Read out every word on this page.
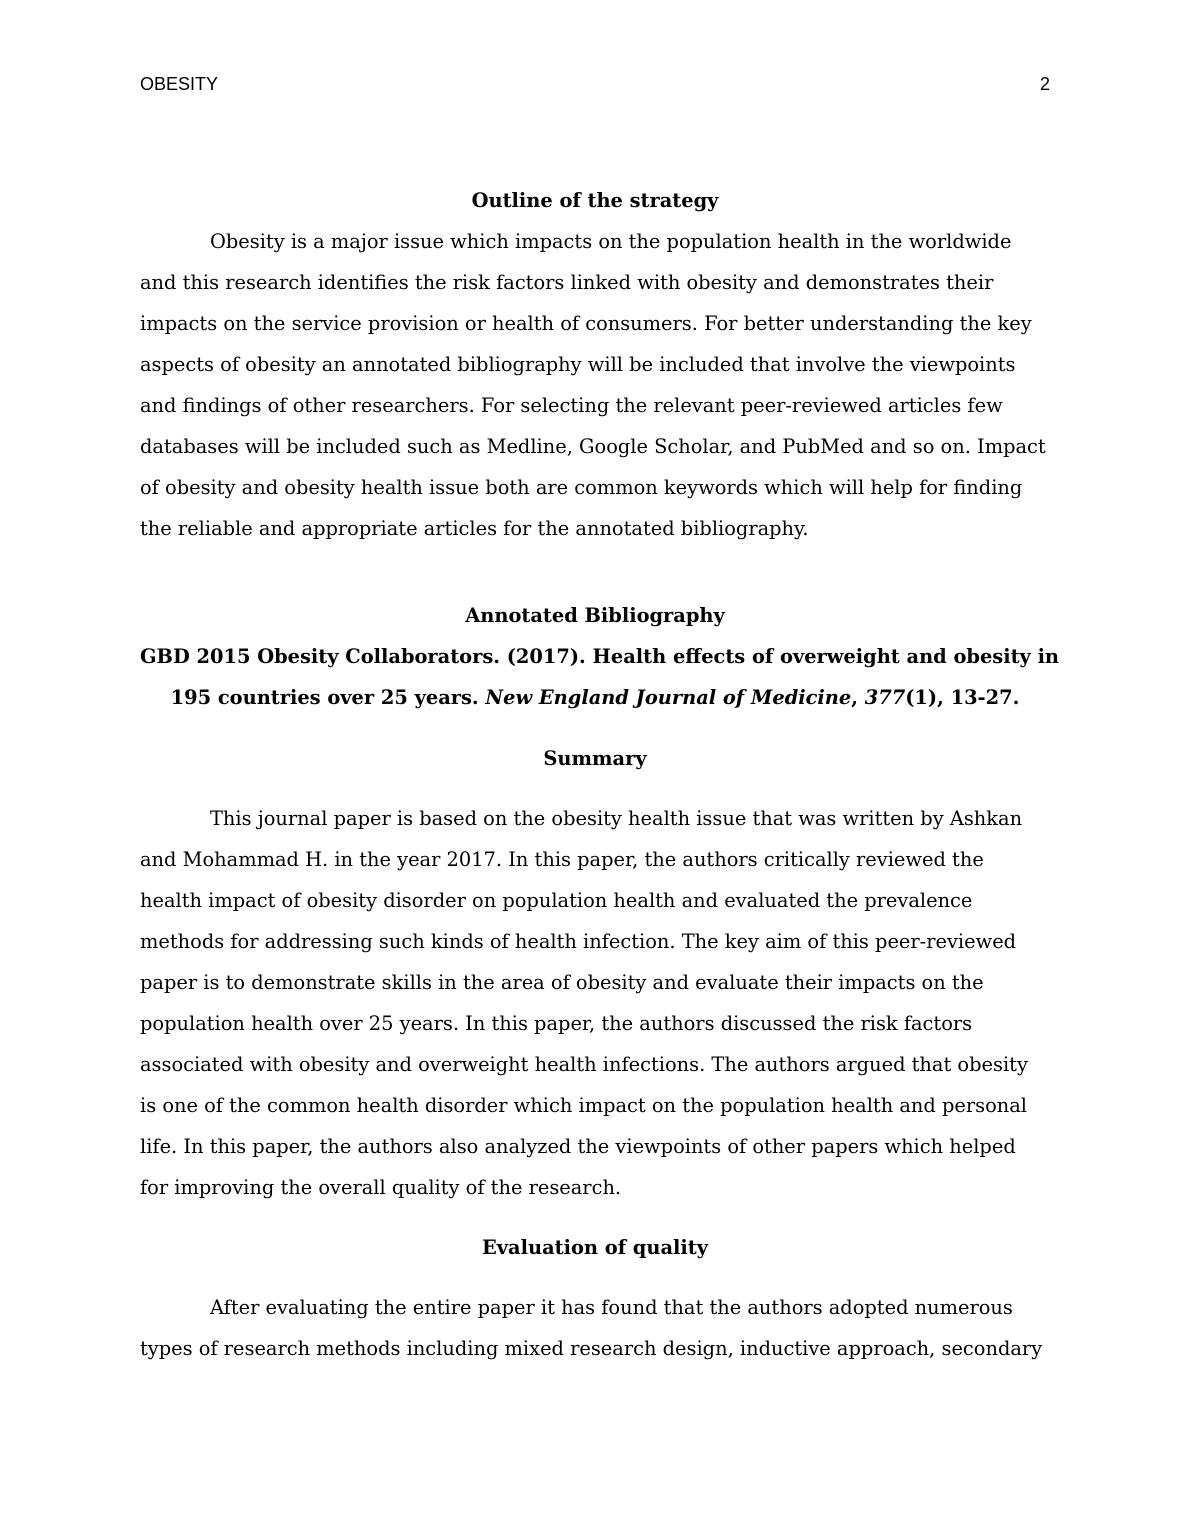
OBESITY	2

Outline of the strategy

Obesity is a major issue which impacts on the population health in the worldwide
and this research identifies the risk factors linked with obesity and demonstrates their
impacts on the service provision or health of consumers. For better understanding the key
aspects of obesity an annotated bibliography will be included that involve the viewpoints
and findings of other researchers. For selecting the relevant peer-reviewed articles few
databases will be included such as Medline, Google Scholar, and PubMed and so on. Impact
of obesity and obesity health issue both are common keywords which will help for finding
the reliable and appropriate articles for the annotated bibliography.

Annotated Bibliography

GBD 2015 Obesity Collaborators. (2017). Health effects of overweight and obesity in
195 countries over 25 years. New England Journal of Medicine, 377(1), 13-27.

Summary

This journal paper is based on the obesity health issue that was written by Ashkan
and Mohammad H. in the year 2017. In this paper, the authors critically reviewed the
health impact of obesity disorder on population health and evaluated the prevalence
methods for addressing such kinds of health infection. The key aim of this peer-reviewed
paper is to demonstrate skills in the area of obesity and evaluate their impacts on the
population health over 25 years. In this paper, the authors discussed the risk factors
associated with obesity and overweight health infections. The authors argued that obesity
is one of the common health disorder which impact on the population health and personal
life. In this paper, the authors also analyzed the viewpoints of other papers which helped
for improving the overall quality of the research.

Evaluation of quality

After evaluating the entire paper it has found that the authors adopted numerous
types of research methods including mixed research design, inductive approach, secondary
